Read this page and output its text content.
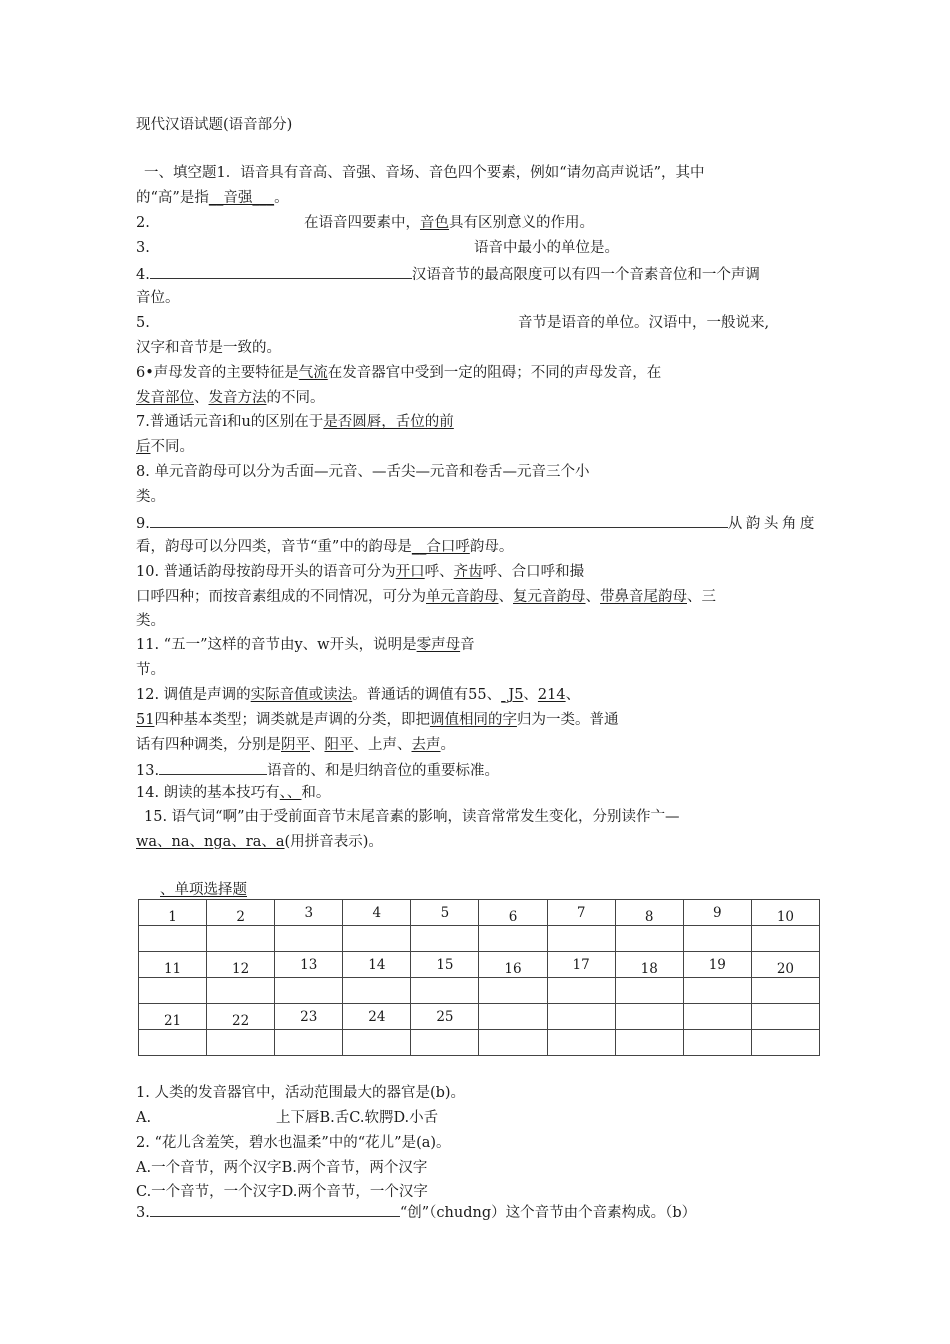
现代汉语试题(语音部分)
一、填空题1．语音具有音高、音强、音场、音色四个要素，例如“请勿高声说话”，其中
的“高”是指__音强___。
2.	在语音四要素中，音色具有区别意义的作用。
3.	语音中最小的单位是。
4.	汉语音节的最高限度可以有四一个音素音位和一个声调
音位。
5.	音节是语音的单位。汉语中，一般说来,
汉字和音节是一致的。
6•声母发音的主要特征是气流在发音器官中受到一定的阻碍；不同的声母发音，在
发音部位、发音方法的不同。
7.普通话元音i和u的区别在于是否圆唇，舌位的前
后不同。
8. 单元音韵母可以分为舌面—元音、—舌尖—元音和卷舌—元音三个小
类。
9.	从韵头角度
看，韵母可以分四类，音节“重”中的韵母是__合口呼韵母。
10. 普通话韵母按韵母开头的语音可分为开口呼、齐齿呼、合口呼和撮
口呼四种；而按音素组成的不同情况，可分为单元音韵母、复元音韵母、带鼻音尾韵母、三
类。
11. “五一”这样的音节由y、w开头，说明是零声母音
节。
12. 调值是声调的实际音值或读法。普通话的调值有55、_J5、214、
51四种基本类型；调类就是声调的分类，即把调值相同的字归为一类。普通
话有四种调类，分别是阴平、阳平、上声、去声。
13.	语音的、和是归纳音位的重要标准。
14. 朗读的基本技巧有、、和。
15. 语气词“啊”由于受前面音节末尾音素的影响，读音常常发生变化，分别读作亠—
wa、na、nga、ra、a(用拼音表示)。
、单项选择题
1	2	3	4	5	6	7	8	9	10

11	12	13	14	15	16	17	18	19	20

21	22	23	24	25					

1. 人类的发音器官中，活动范围最大的器官是(b)。
A.	上下唇B.舌C.软腭D.小舌
2. “花儿含羞笑，碧水也温柔”中的“花儿”是(a)。
A.一个音节，两个汉字B.两个音节，两个汉字
C.一个音节，一个汉字D.两个音节，一个汉字
3.	“创”（chudng）这个音节由个音素构成。（b）
